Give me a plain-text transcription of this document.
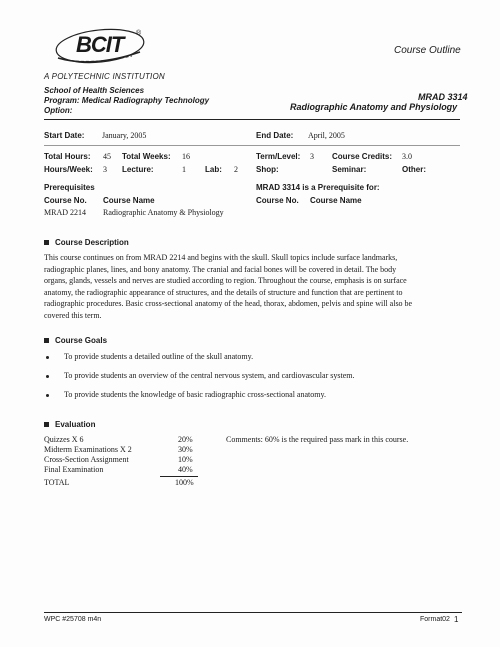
BCIT ®
Course Outline
A POLYTECHNIC INSTITUTION
School of Health Sciences
Program: Medical Radiography Technology
Option:
MRAD 3314
Radiographic Anatomy and Physiology
Start Date: January, 2005	End Date: April, 2005
Total Hours: 45 Total Weeks: 16	Term/Level: 3 Course Credits: 3.0
Hours/Week: 3 Lecture:	1 Lab: 2 Shop:	Seminar:	Other:
Prerequisites
Course No. Course Name
MRAD 2214 Radiographic Anatomy & Physiology
MRAD 3314 is a Prerequisite for:
Course No. Course Name
Course Description
This course continues on from MRAD 2214 and begins with the skull. Skull topics include surface landmarks,
radiographic planes, lines, and bony anatomy. The cranial and facial bones will be covered in detail. The body
organs, glands, vessels and nerves are studied according to region. Throughout the course, emphasis is on surface
anatomy, the radiographic appearance of structures, and the details of structure and function that are pertinent to
radiographic procedures. Basic cross-sectional anatomy of the head, thorax, abdomen, pelvis and spine will also be
covered this term.
Course Goals
To provide students a detailed outline of the skull anatomy.
To provide students an overview of the central nervous system, and cardiovascular system.
To provide students the knowledge of basic radiographic cross-sectional anatomy.
Evaluation
Quizzes X 6	20%
Midterm Examinations X 2	30%
Cross-Section Assignment	10%
Final Examination	40%
TOTAL	100%
Comments: 60% is the required pass mark in this course.
WPC #25708 m4n	Format02 1
